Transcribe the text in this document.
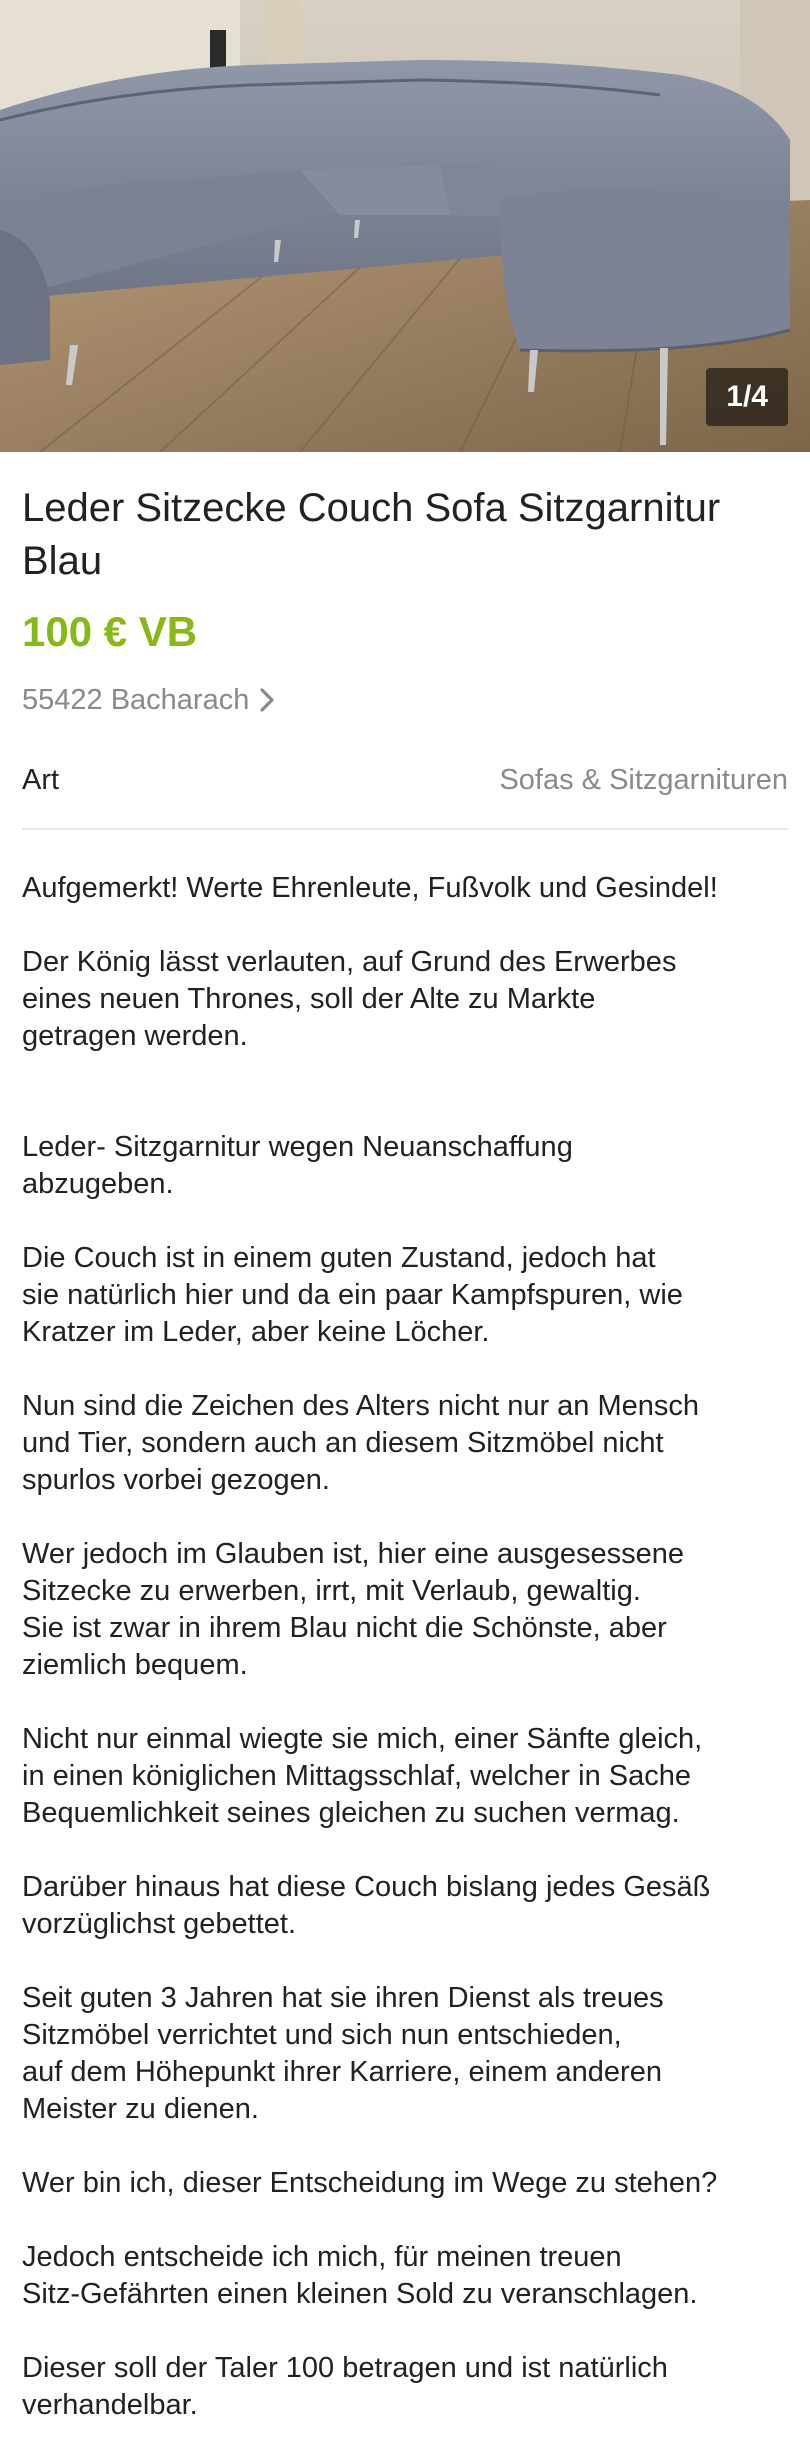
1/4
Leder Sitzecke Couch Sofa Sitzgarnitur Blau
100 € VB
55422 Bacharach
Art	Sofas & Sitzgarnituren

Aufgemerkt! Werte Ehrenleute, Fußvolk und Gesindel!

Der König lässt verlauten, auf Grund des Erwerbes
eines neuen Thrones, soll der Alte zu Markte
getragen werden.

Leder- Sitzgarnitur wegen Neuanschaffung
abzugeben.

Die Couch ist in einem guten Zustand, jedoch hat
sie natürlich hier und da ein paar Kampfspuren, wie
Kratzer im Leder, aber keine Löcher.

Nun sind die Zeichen des Alters nicht nur an Mensch
und Tier, sondern auch an diesem Sitzmöbel nicht
spurlos vorbei gezogen.

Wer jedoch im Glauben ist, hier eine ausgesessene
Sitzecke zu erwerben, irrt, mit Verlaub, gewaltig.
Sie ist zwar in ihrem Blau nicht die Schönste, aber
ziemlich bequem.

Nicht nur einmal wiegte sie mich, einer Sänfte gleich,
in einen königlichen Mittagsschlaf, welcher in Sache
Bequemlichkeit seines gleichen zu suchen vermag.

Darüber hinaus hat diese Couch bislang jedes Gesäß
vorzüglichst gebettet.

Seit guten 3 Jahren hat sie ihren Dienst als treues
Sitzmöbel verrichtet und sich nun entschieden,
auf dem Höhepunkt ihrer Karriere, einem anderen
Meister zu dienen.

Wer bin ich, dieser Entscheidung im Wege zu stehen?

Jedoch entscheide ich mich, für meinen treuen
Sitz-Gefährten einen kleinen Sold zu veranschlagen.

Dieser soll der Taler 100 betragen und ist natürlich
verhandelbar.
